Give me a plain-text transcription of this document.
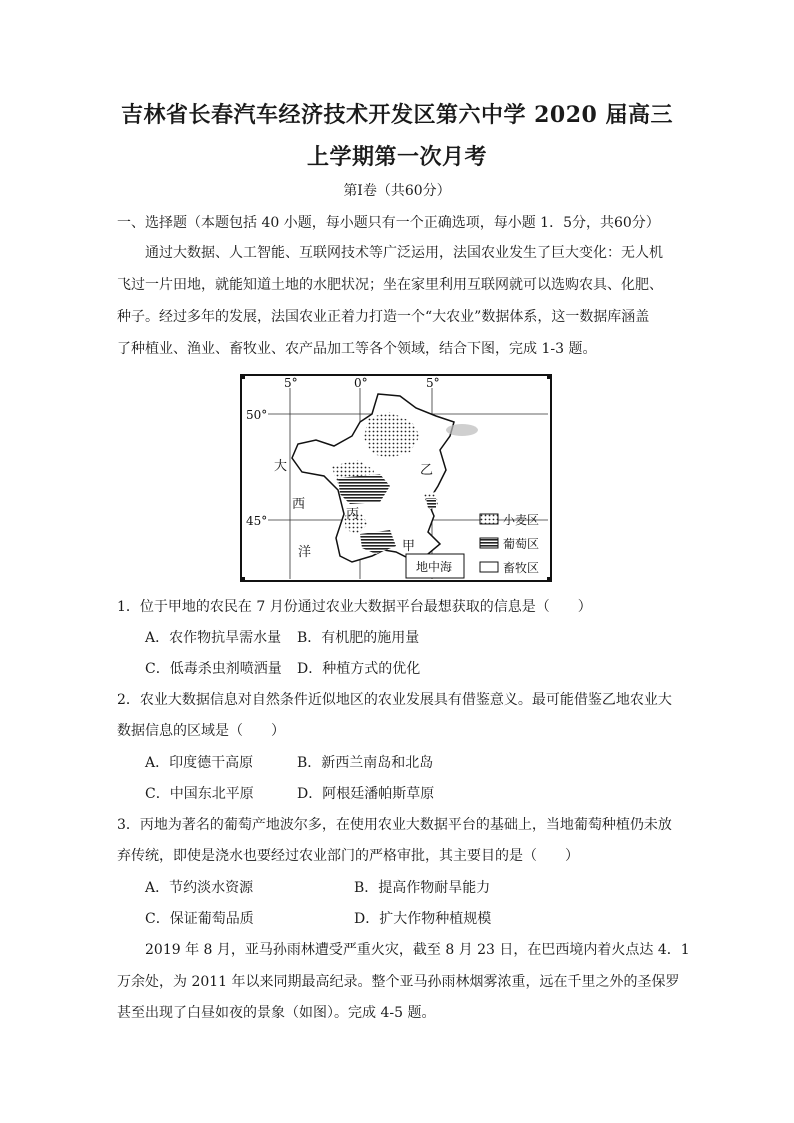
吉林省长春汽车经济技术开发区第六中学 2020 届高三
上学期第一次月考
第Ⅰ卷（共60分）
一、选择题（本题包括 40 小题，每小题只有一个正确选项，每小题 1．5分，共60分）
通过大数据、人工智能、互联网技术等广泛运用，法国农业发生了巨大变化：无人机
飞过一片田地，就能知道土地的水肥状况；坐在家里利用互联网就可以选购农具、化肥、
种子。经过多年的发展，法国农业正着力打造一个“大农业”数据体系，这一数据库涵盖
了种植业、渔业、畜牧业、农产品加工等各个领域，结合下图，完成 1-3 题。
5°	0°	5°
50°
45°
大
西
洋
乙
丙
甲
地中海
小麦区
葡萄区
畜牧区
1．位于甲地的农民在 7 月份通过农业大数据平台最想获取的信息是（　　）
A．农作物抗旱需水量 B．有机肥的施用量
C．低毒杀虫剂喷洒量 D．种植方式的优化
2．农业大数据信息对自然条件近似地区的农业发展具有借鉴意义。最可能借鉴乙地农业大
数据信息的区域是（　　）
A．印度德干高原	B．新西兰南岛和北岛
C．中国东北平原	D．阿根廷潘帕斯草原
3．丙地为著名的葡萄产地波尔多，在使用农业大数据平台的基础上，当地葡萄种植仍未放
弃传统，即使是浇水也要经过农业部门的严格审批，其主要目的是（　　）
A．节约淡水资源	B．提高作物耐旱能力
C．保证葡萄品质	D．扩大作物种植规模
2019 年 8 月，亚马孙雨林遭受严重火灾，截至 8 月 23 日，在巴西境内着火点达 4．1
万余处，为 2011 年以来同期最高纪录。整个亚马孙雨林烟雾浓重，远在千里之外的圣保罗
甚至出现了白昼如夜的景象（如图）。完成 4-5 题。
